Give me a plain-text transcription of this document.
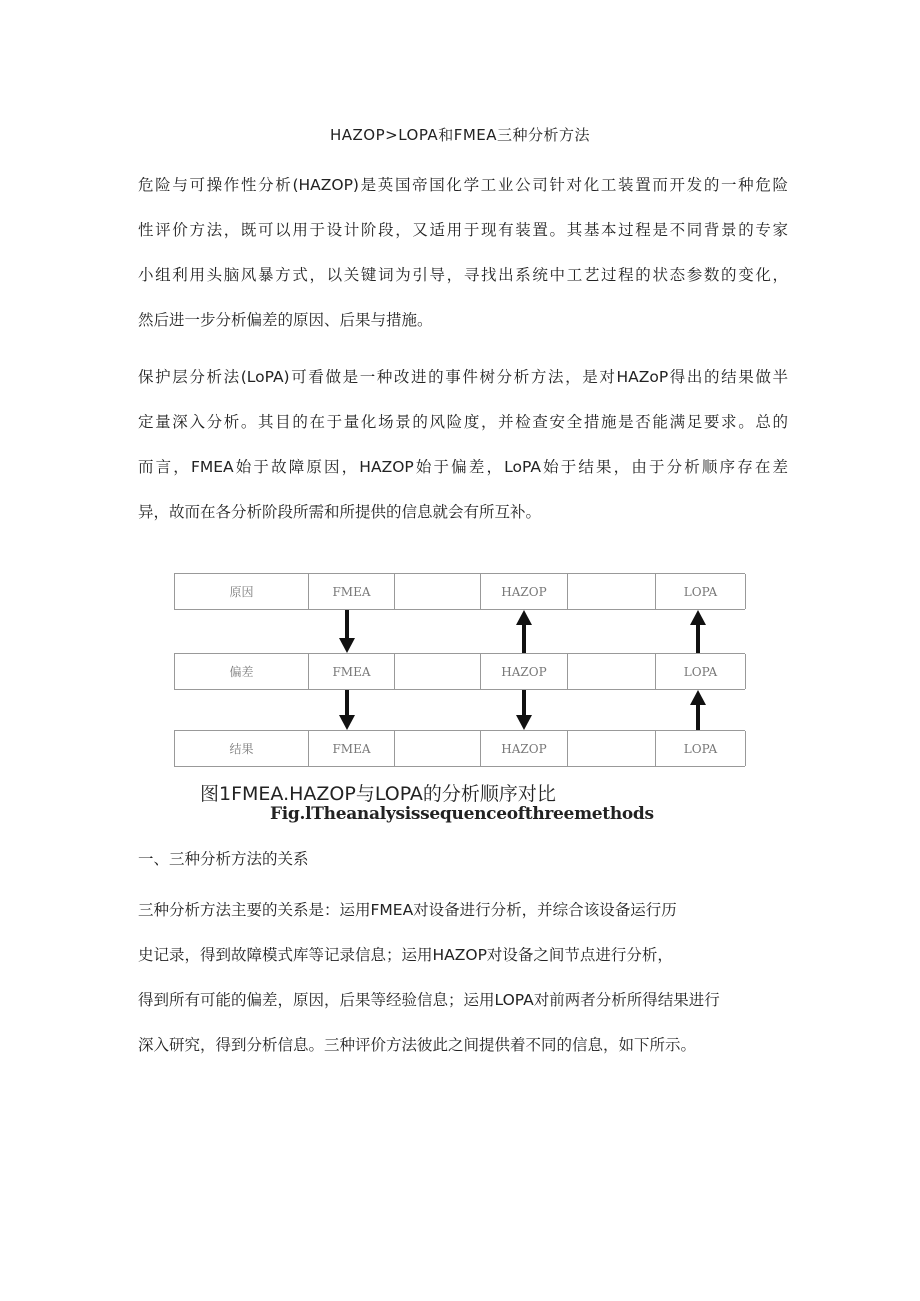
HAZOP>LOPA和FMEA三种分析方法
危险与可操作性分析(HAZOP)是英国帝国化学工业公司针对化工装置而开发的一种危险
性评价方法，既可以用于设计阶段，又适用于现有装置。其基本过程是不同背景的专家
小组利用头脑风暴方式，以关键词为引导，寻找出系统中工艺过程的状态参数的变化，
然后进一步分析偏差的原因、后果与措施。
保护层分析法(LoPA)可看做是一种改进的事件树分析方法，是对HAZoP得出的结果做半
定量深入分析。其目的在于量化场景的风险度，并检查安全措施是否能满足要求。总的
而言，FMEA始于故障原因，HAZOP始于偏差，LoPA始于结果，由于分析顺序存在差
异，故而在各分析阶段所需和所提供的信息就会有所互补。
原因	FMEA	HAZOP	LOPA
偏差	FMEA	HAZOP	LOPA
结果	FMEA	HAZOP	LOPA
图1FMEA.HAZOP与LOPA的分析顺序对比
Fig.lTheanalysissequenceofthreemethods
一、三种分析方法的关系
三种分析方法主要的关系是：运用FMEA对设备进行分析，并综合该设备运行历
史记录，得到故障模式库等记录信息；运用HAZOP对设备之间节点进行分析，
得到所有可能的偏差，原因，后果等经验信息；运用LOPA对前两者分析所得结果进行
深入研究，得到分析信息。三种评价方法彼此之间提供着不同的信息，如下所示。
